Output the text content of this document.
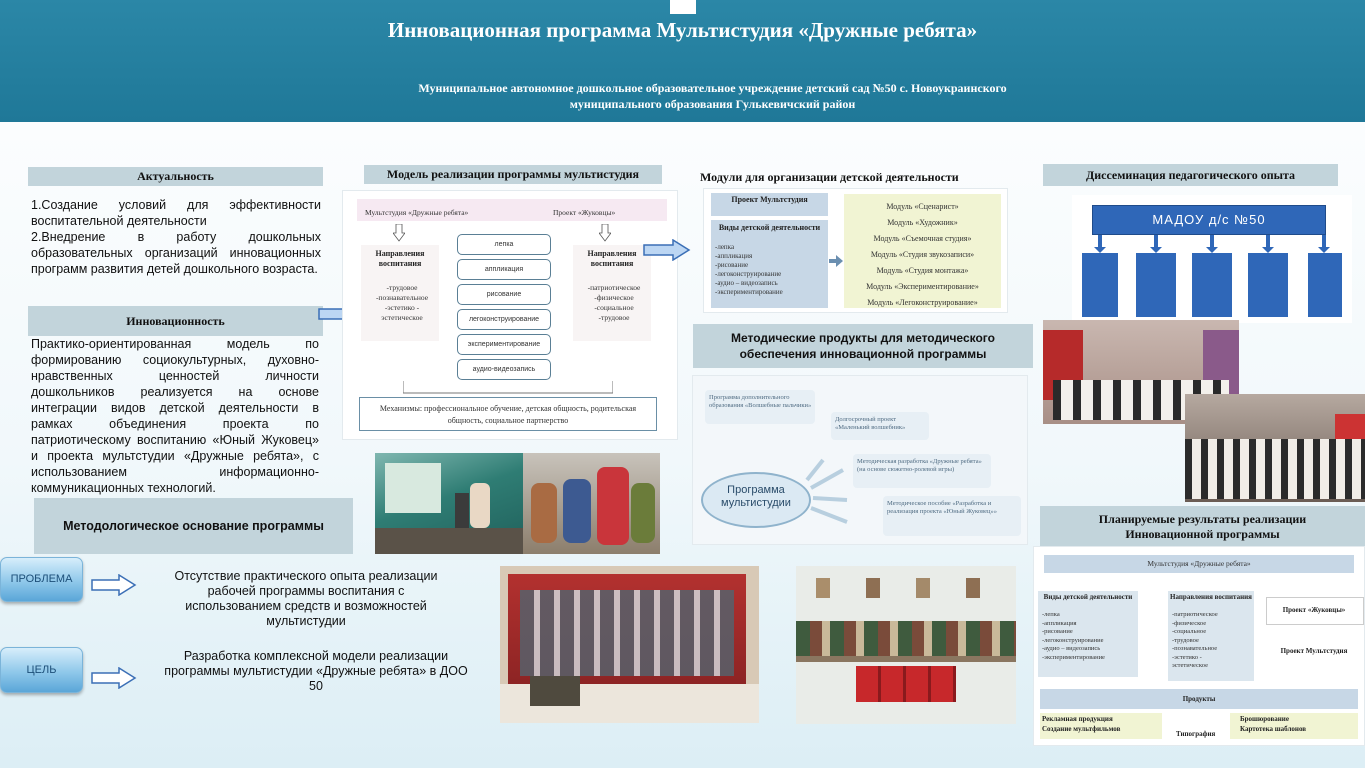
Инновационная программа Мультистудия «Дружные ребята»
Муниципальное автономное дошкольное образовательное учреждение детский сад №50 с. Новоукраинского
муниципального образования Гулькевичский район
Актуальность
1.Создание условий для эффективности воспитательной деятельности
2.Внедрение в работу дошкольных образовательных организаций инновационных программ развития детей дошкольного возраста.
Инновационность
Практико-ориентированная модель по формированию социокультурных, духовно-нравственных ценностей личности дошкольников реализуется на основе интеграции видов детской деятельности в рамках объединения проекта по патриотическому воспитанию «Юный Жуковец» и проекта мультстудии «Дружные ребята», с использованием информационно-коммуникационных технологий.
Методологическое основание программы
ПРОБЛЕМА	Отсутствие практического опыта реализации рабочей программы воспитания с использованием средств и возможностей мультистудии
ЦЕЛЬ
Разработка комплексной модели реализации программы мультистудии «Дружные ребята» в ДОО 50
Модель реализации программы мультистудия
Мультстудия «Дружные ребята»	Проект «Жуковцы»
Направления воспитания
-трудовое
-познавательное
-эстетико -
эстетическое
Направления воспитания
-патриотическое
-физическое
-социальное
-трудовое
лепка
аппликация
рисование
легоконструирование
экспериментирование
аудио-видеозапись
Механизмы: профессиональное обучение, детская общность, родительская общность, социальное партнерство
Модули для организации детской деятельности
Проект Мультстудия
Виды детской деятельности
-лепка
-аппликация
-рисование
-легоконструирование
-аудио – видеозапись
-экспериментирование
Модуль «Сценарист»
Модуль «Художник»
Модуль «Съемочная студия»
Модуль «Студия звукозаписи»
Модуль «Студия монтажа»
Модуль «Экспериментирование»
Модуль «Легоконструирование»
Методические продукты для методического обеспечения инновационной программы
Программа дополнительного образования «Волшебные пальчики»
Долгосрочный проект «Маленький волшебник»
Методическая разработка «Дружные ребята» (на основе сюжетно-ролевой игры)
Методическое пособие «Разработка и реализация проекта «Юный Жуковец»»
Программа мультистудии
Диссеминация педагогического опыта
МАДОУ д/с №50
Планируемые результаты реализации
Инновационной программы
Мультстудия «Дружные ребята»
Виды детской деятельности
-лепка
-аппликация
-рисование
-легоконструирование
-аудио – видеозапись
-экспериментирование
Направления воспитания
-патриотическое
-физическое
-социальное
-трудовое
-познавательное
-эстетико -
эстетическое
Проект «Жуковцы»
Проект Мультстудия
Продукты
Рекламная продукция
Создание мультфильмов
Типография
Брошюрование
Картотека шаблонов
